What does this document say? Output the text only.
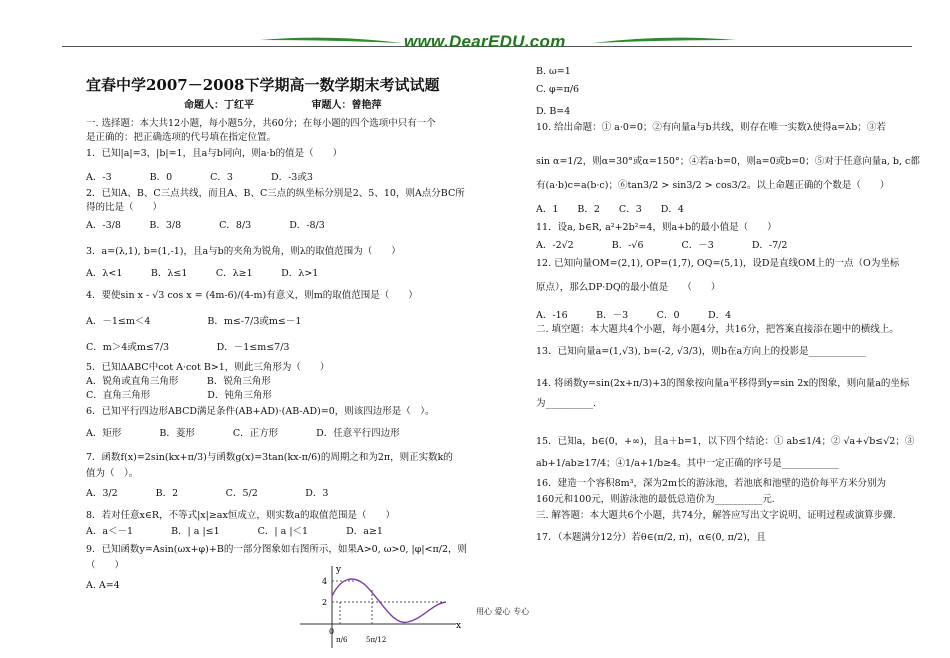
www.DearEDU.com
宜春中学2007－2008下学期高一数学期末考试试题
命题人：丁红平	审题人：曾艳萍
一. 选择题：本大共12小题，每小题5分，共60分；在每小题的四个选项中只有一个
是正确的：把正确选项的代号填在指定位置。
1．已知|a|=3，|b|=1，且a与b同向，则a·b的值是（　　）
A．-3　　　　B．0　　　　C．3　　　　D．-3或3
2．已知A、B、C三点共线，而且A、B、C三点的纵坐标分别是2、5、10，则A点分BC所
得的比是（　　）
A．-3/8　　　B．3/8　　　　C．8/3　　　　D．-8/3
3．a=(λ,1), b=(1,-1)，且a与b的夹角为锐角，则λ的取值范围为（　　）
A．λ<1　　　B．λ≤1　　　C．λ≥1　　　D．λ>1
4．要使sin x - √3 cos x = (4m-6)/(4-m)有意义，则m的取值范围是（　　）
A．－1≤m＜4　　　　　　B．m≤-7/3或m≤－1
C．m＞4或m≤7/3　　　　　D．－1≤m≤7/3
5．已知ΔABC中cot A·cot B>1，则此三角形为（　　）
A．锐角或直角三角形　　　B．锐角三角形
C．直角三角形　　　　　　D．钝角三角形
6．已知平行四边形ABCD满足条件(AB+AD)·(AB-AD)=0，则该四边形是（　）。
A．矩形　　　　B．菱形　　　　C．正方形　　　　D．任意平行四边形
7．函数f(x)=2sin(kx+π/3)与函数g(x)=3tan(kx-π/6)的周期之和为2π，则正实数k的
值为（　）。
A．3/2　　　　B．2　　　　　C．5/2　　　　　D．3
8．若对任意x∈R，不等式|x|≥ax恒成立，则实数a的取值范围是（　　）
A．a＜－1　　　　B．| a |≤1　　　　C．| a |＜1　　　　D．a≥1
9．已知函数y=Asin(ωx+φ)+B的一部分图象如右图所示，如果A>0, ω>0, |φ|<π/2，则
（　　）
A. A=4
B. ω=1
C. φ=π/6
D. B=4
10. 给出命题：① a·0=0；②有向量a与b共线，则存在唯一实数λ使得a=λb；③若
sin α=1/2，则α=30°或α=150°；④若a·b=0，则a=0或b=0；⑤对于任意向量a, b, c都
有(a·b)c=a(b·c)；⑥tan3/2 > sin3/2 > cos3/2。以上命题正确的个数是（　　）
A．1　　B．2　　C．3　　D．4
11．设a, b∈R, a²+2b²=4，则a+b的最小值是（　　）
A．-2√2　　　　B．-√6　　　　C．－3　　　　D．-7/2
12. 已知向量OM=(2,1), OP=(1,7), OQ=(5,1)，设D是直线OM上的一点（O为坐标
原点），那么DP·DQ的最小值是　　（　　）
A．-16　　　B．－3　　　C．0　　　D．4
二. 填空题：本大题共4个小题，每小题4分，共16分，把答案直接添在题中的横线上。
13．已知向量a=(1,√3), b=(-2, √3/3)，则b在a方向上的投影是____________
14. 将函数y=sin(2x+π/3)+3的图象按向量a平移得到y=sin 2x的图象，则向量a的坐标
为__________.
15．已知a，b∈(0，+∞)，且a＋b=1，以下四个结论：① ab≤1/4；② √a+√b≤√2；③
ab+1/ab≥17/4；④1/a+1/b≥4。其中一定正确的序号是____________
16．建造一个容积8m³，深为2m长的游泳池，若池底和池壁的造价每平方米分别为
160元和100元，则游泳池的最低总造价为__________元.
三. 解答题：本大题共6个小题，共74分，解答应写出文字说明、证明过程或演算步骤.
17．（本题满分12分）若θ∈(π/2, π)，α∈(0, π/2)，且
y
x
4
2
0
π/6	5π/12
用心 爱心 专心
